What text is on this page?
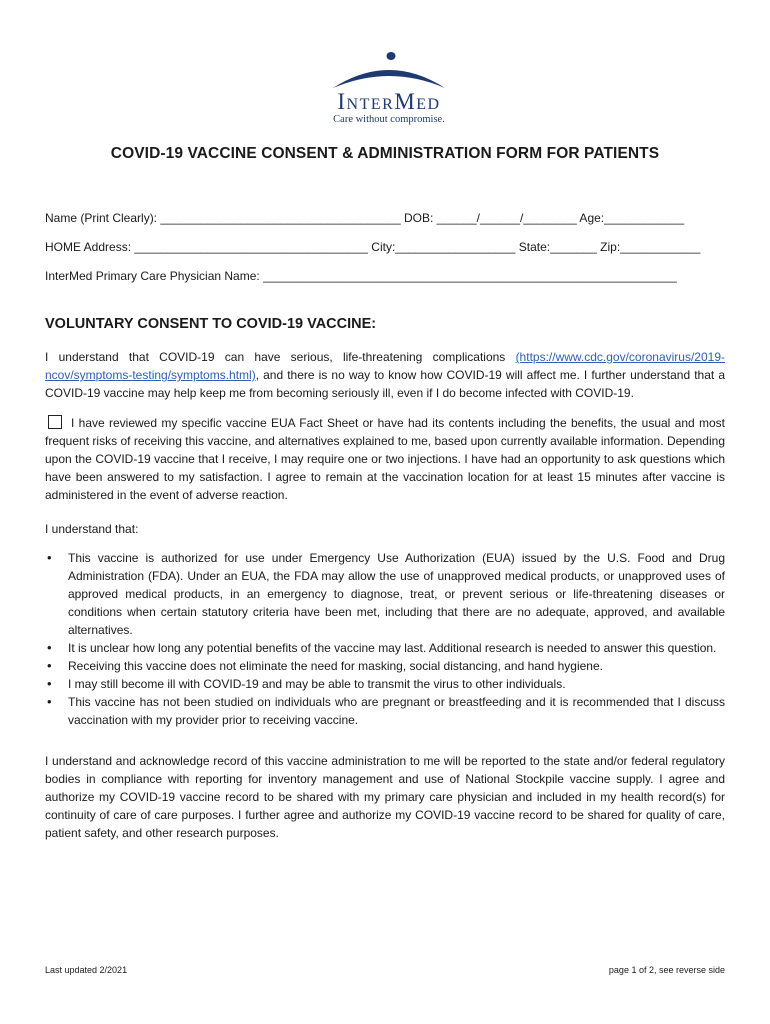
InterMed
Care without compromise.
COVID-19 VACCINE CONSENT & ADMINISTRATION FORM FOR PATIENTS
Name (Print Clearly): ____________________________________ DOB: ______/______/________ Age:____________
HOME Address: ___________________________________ City:__________________ State:_______ Zip:____________
InterMed Primary Care Physician Name: ______________________________________________________________
VOLUNTARY CONSENT TO COVID-19 VACCINE:
I understand that COVID-19 can have serious, life-threatening complications (https://www.cdc.gov/coronavirus/2019-ncov/symptoms-testing/symptoms.html), and there is no way to know how COVID-19 will affect me. I further understand that a COVID-19 vaccine may help keep me from becoming seriously ill, even if I do become infected with COVID-19.
I have reviewed my specific vaccine EUA Fact Sheet or have had its contents including the benefits, the usual and most frequent risks of receiving this vaccine, and alternatives explained to me, based upon currently available information. Depending upon the COVID-19 vaccine that I receive, I may require one or two injections. I have had an opportunity to ask questions which have been answered to my satisfaction. I agree to remain at the vaccination location for at least 15 minutes after vaccine is administered in the event of adverse reaction.
I understand that:
• This vaccine is authorized for use under Emergency Use Authorization (EUA) issued by the U.S. Food and Drug Administration (FDA). Under an EUA, the FDA may allow the use of unapproved medical products, or unapproved uses of approved medical products, in an emergency to diagnose, treat, or prevent serious or life-threatening diseases or conditions when certain statutory criteria have been met, including that there are no adequate, approved, and available alternatives.
• It is unclear how long any potential benefits of the vaccine may last. Additional research is needed to answer this question.
• Receiving this vaccine does not eliminate the need for masking, social distancing, and hand hygiene.
• I may still become ill with COVID-19 and may be able to transmit the virus to other individuals.
• This vaccine has not been studied on individuals who are pregnant or breastfeeding and it is recommended that I discuss vaccination with my provider prior to receiving vaccine.
I understand and acknowledge record of this vaccine administration to me will be reported to the state and/or federal regulatory bodies in compliance with reporting for inventory management and use of National Stockpile vaccine supply. I agree and authorize my COVID-19 vaccine record to be shared with my primary care physician and included in my health record(s) for continuity of care of care purposes. I further agree and authorize my COVID-19 vaccine record to be shared for quality of care, patient safety, and other research purposes.
Last updated 2/2021	page 1 of 2, see reverse side
